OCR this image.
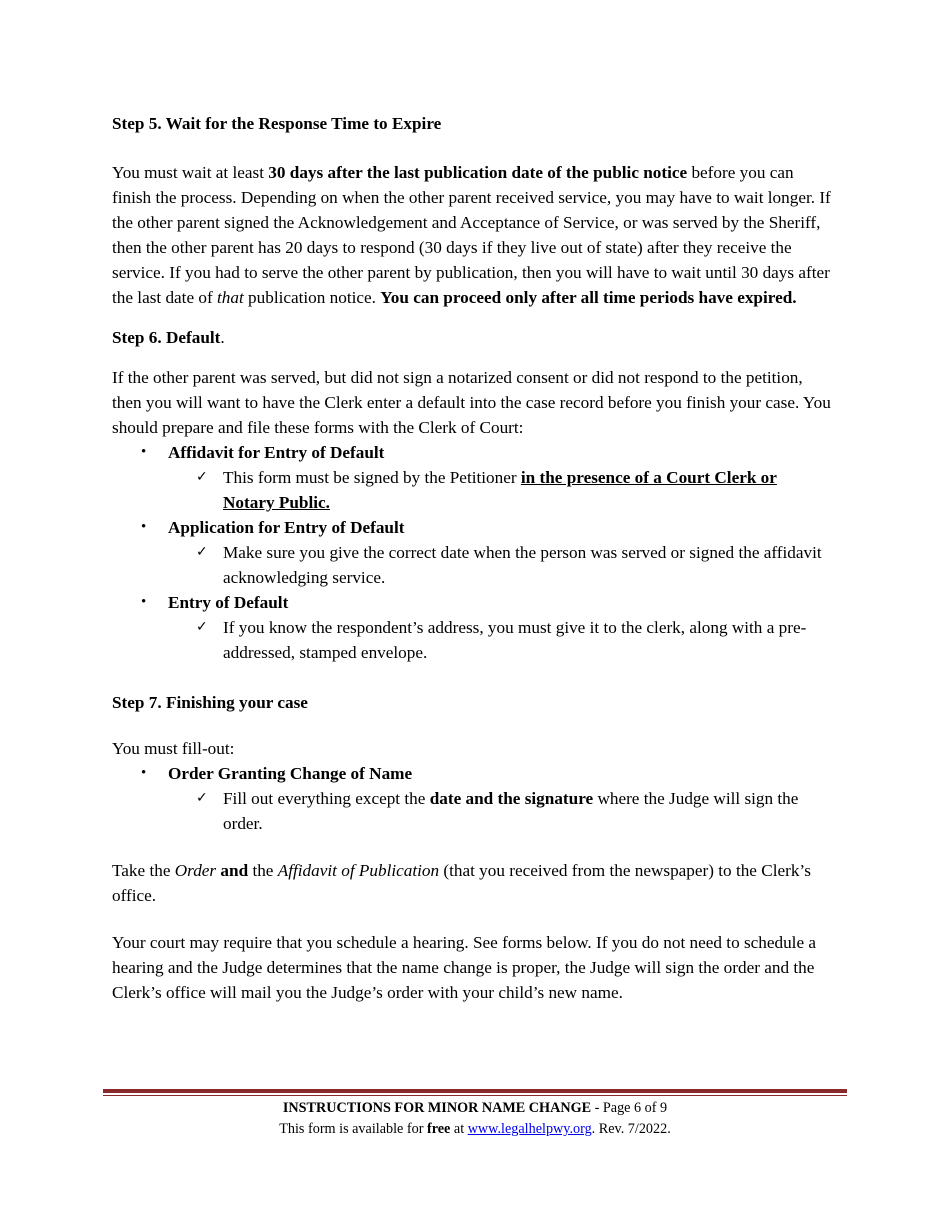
Step 5. Wait for the Response Time to Expire

You must wait at least 30 days after the last publication date of the public notice before you can finish the process. Depending on when the other parent received service, you may have to wait longer. If the other parent signed the Acknowledgement and Acceptance of Service, or was served by the Sheriff, then the other parent has 20 days to respond (30 days if they live out of state) after they receive the service. If you had to serve the other parent by publication, then you will have to wait until 30 days after the last date of that publication notice. You can proceed only after all time periods have expired.

Step 6. Default.

If the other parent was served, but did not sign a notarized consent or did not respond to the petition, then you will want to have the Clerk enter a default into the case record before you finish your case. You should prepare and file these forms with the Clerk of Court:

• Affidavit for Entry of Default
✓ This form must be signed by the Petitioner in the presence of a Court Clerk or Notary Public.
• Application for Entry of Default
✓ Make sure you give the correct date when the person was served or signed the affidavit acknowledging service.
• Entry of Default
✓ If you know the respondent’s address, you must give it to the clerk, along with a pre-addressed, stamped envelope.

Step 7. Finishing your case

You must fill-out:

• Order Granting Change of Name
✓ Fill out everything except the date and the signature where the Judge will sign the order.

Take the Order and the Affidavit of Publication (that you received from the newspaper) to the Clerk’s office.

Your court may require that you schedule a hearing. See forms below. If you do not need to schedule a hearing and the Judge determines that the name change is proper, the Judge will sign the order and the Clerk’s office will mail you the Judge’s order with your child’s new name.

INSTRUCTIONS FOR MINOR NAME CHANGE - Page 6 of 9
This form is available for free at www.legalhelpwy.org. Rev. 7/2022.
